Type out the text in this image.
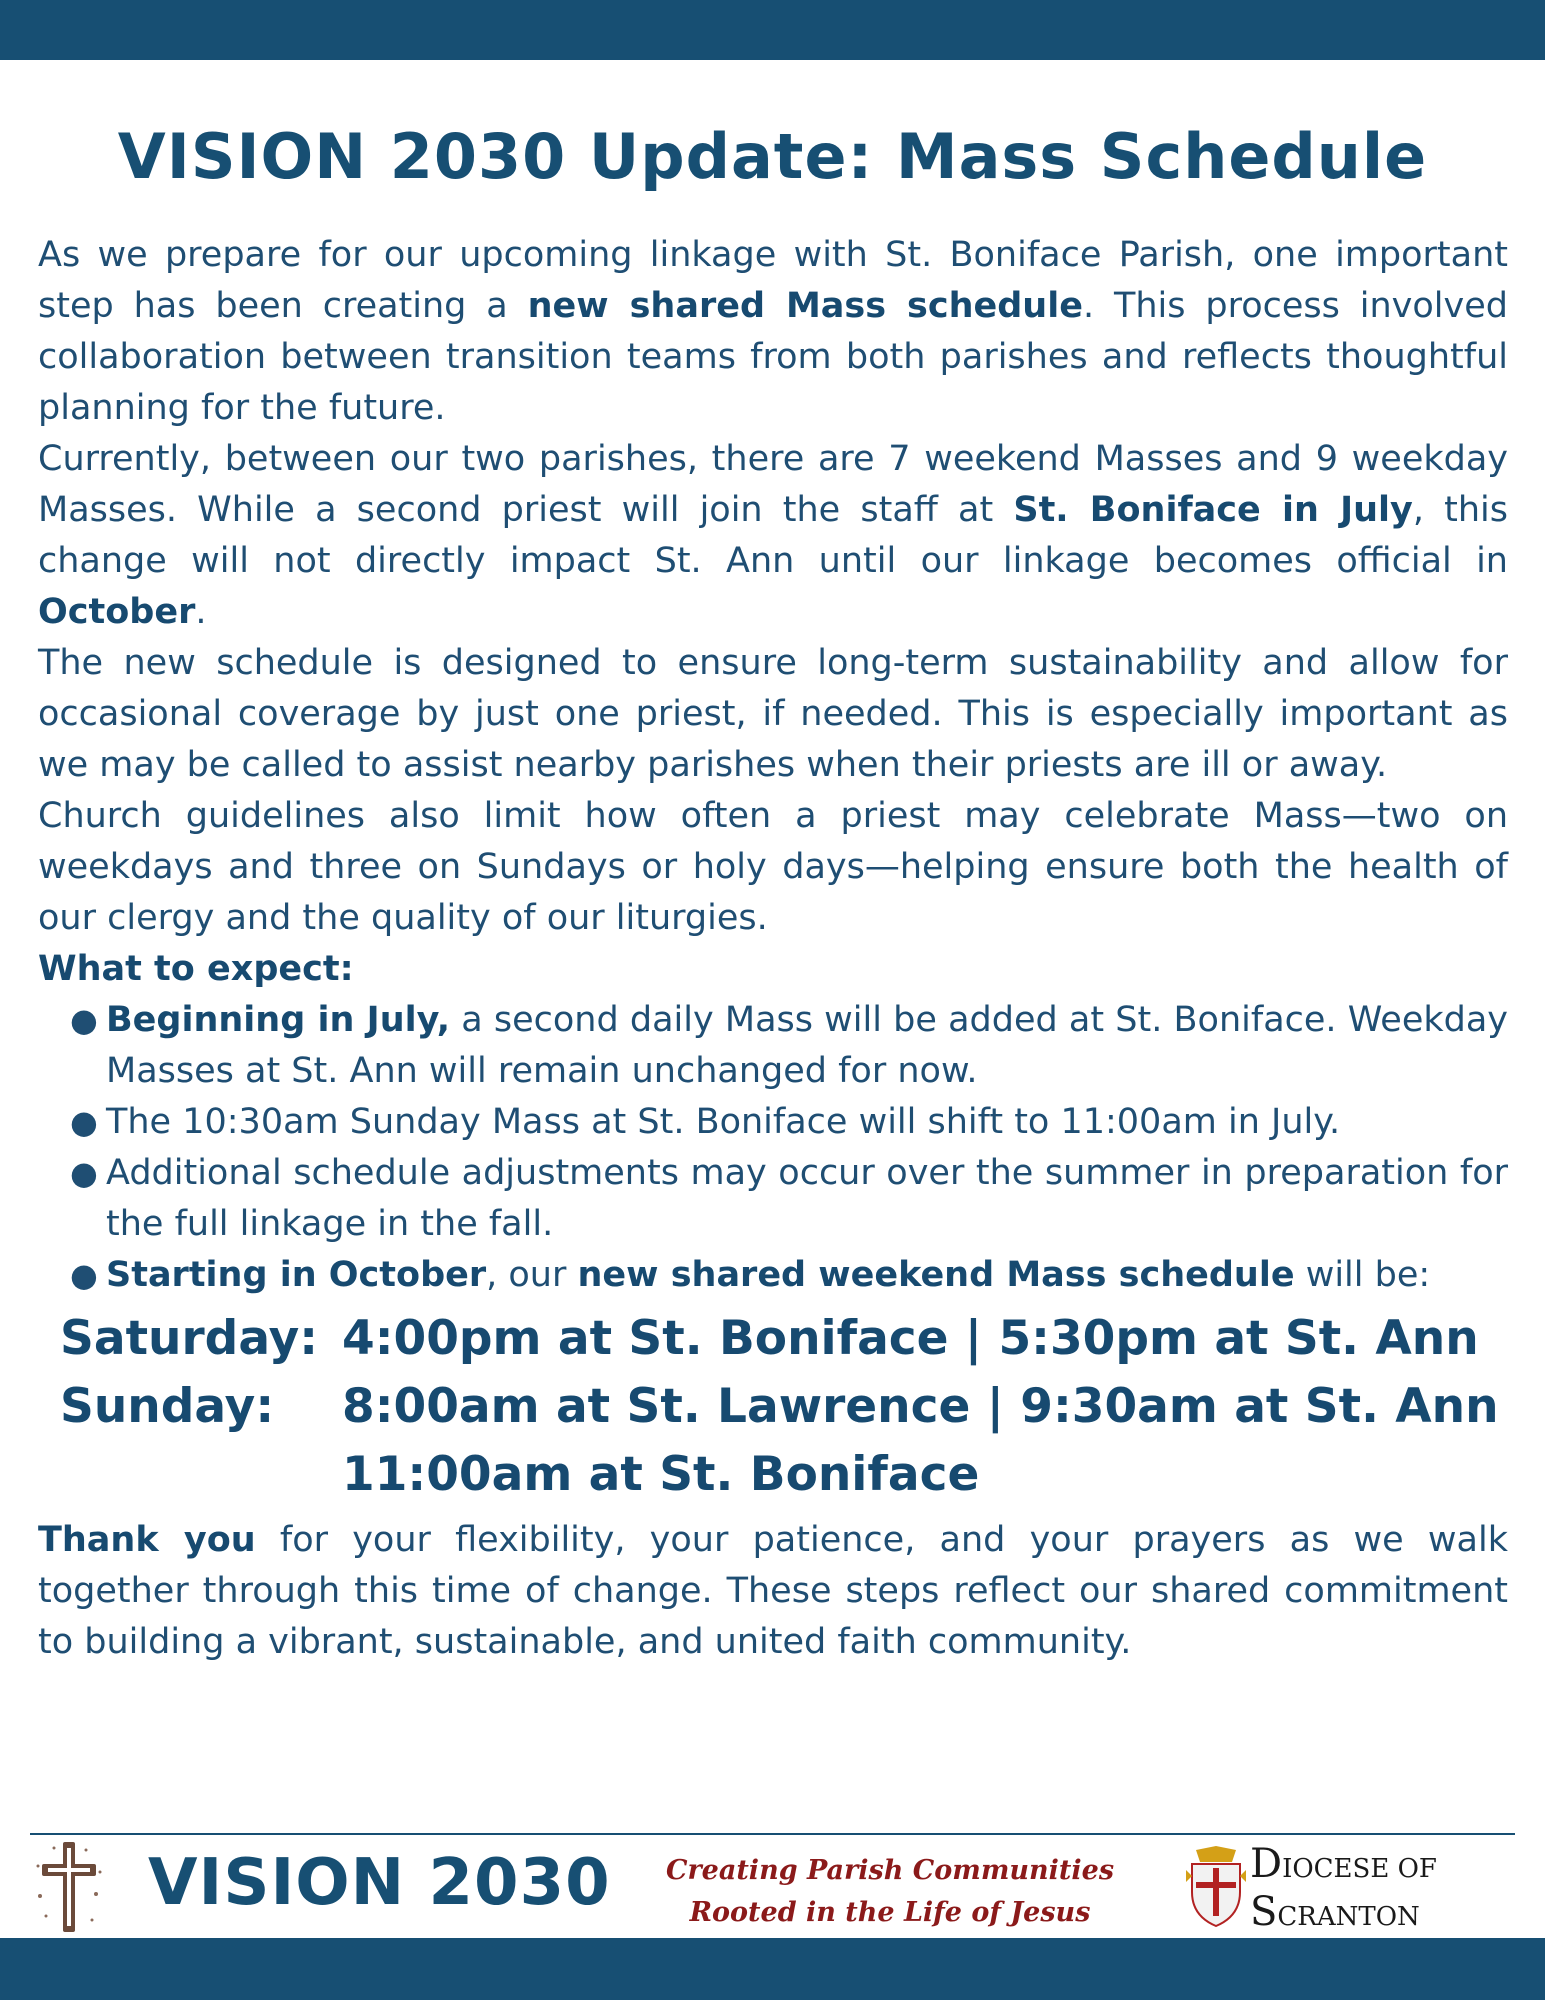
VISION 2030 Update: Mass Schedule

As we prepare for our upcoming linkage with St. Boniface Parish, one important step has been creating a new shared Mass schedule. This process involved collaboration between transition teams from both parishes and reflects thoughtful planning for the future.

Currently, between our two parishes, there are 7 weekend Masses and 9 weekday Masses. While a second priest will join the staff at St. Boniface in July, this change will not directly impact St. Ann until our linkage becomes official in October.

The new schedule is designed to ensure long-term sustainability and allow for occasional coverage by just one priest, if needed. This is especially important as we may be called to assist nearby parishes when their priests are ill or away.

Church guidelines also limit how often a priest may celebrate Mass—two on weekdays and three on Sundays or holy days—helping ensure both the health of our clergy and the quality of our liturgies.

What to expect:

● Beginning in July, a second daily Mass will be added at St. Boniface. Weekday Masses at St. Ann will remain unchanged for now.
● The 10:30am Sunday Mass at St. Boniface will shift to 11:00am in July.
● Additional schedule adjustments may occur over the summer in preparation for the full linkage in the fall.
● Starting in October, our new shared weekend Mass schedule will be:
Saturday: 4:00pm at St. Boniface | 5:30pm at St. Ann
Sunday:	8:00am at St. Lawrence | 9:30am at St. Ann
11:00am at St. Boniface

Thank you for your flexibility, your patience, and your prayers as we walk together through this time of change. These steps reflect our shared commitment to building a vibrant, sustainable, and united faith community.

VISION 2030	Creating Parish Communities
Rooted in the Life of Jesus
DIOCESE OF
SCRANTON
